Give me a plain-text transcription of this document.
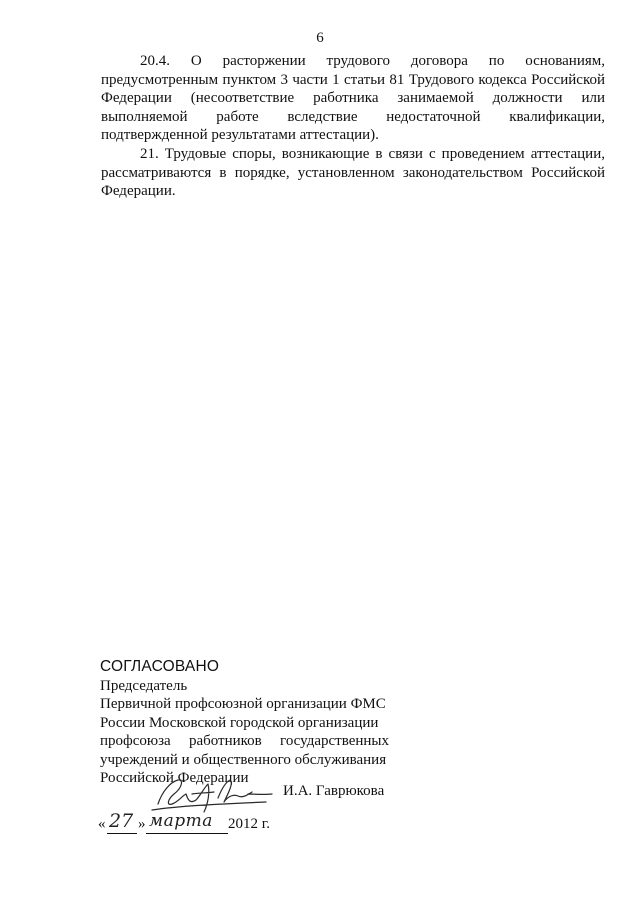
6

20.4. О расторжении трудового договора по основаниям, предусмотренным пунктом 3 части 1 статьи 81 Трудового кодекса Российской Федерации (несоответствие работника занимаемой должности или выполняемой работе вследствие недостаточной квалификации, подтвержденной результатами аттестации).

21. Трудовые споры, возникающие в связи с проведением аттестации, рассматриваются в порядке, установленном законодательством Российской Федерации.

СОГЛАСОВАНО
Председатель
Первичной профсоюзной организации ФМС
России Московской городской организации
профсоюза работников государственных
учреждений и общественного обслуживания
Российской Федерации
И.А. Гаврюкова
« 27 » марта 2012 г.
